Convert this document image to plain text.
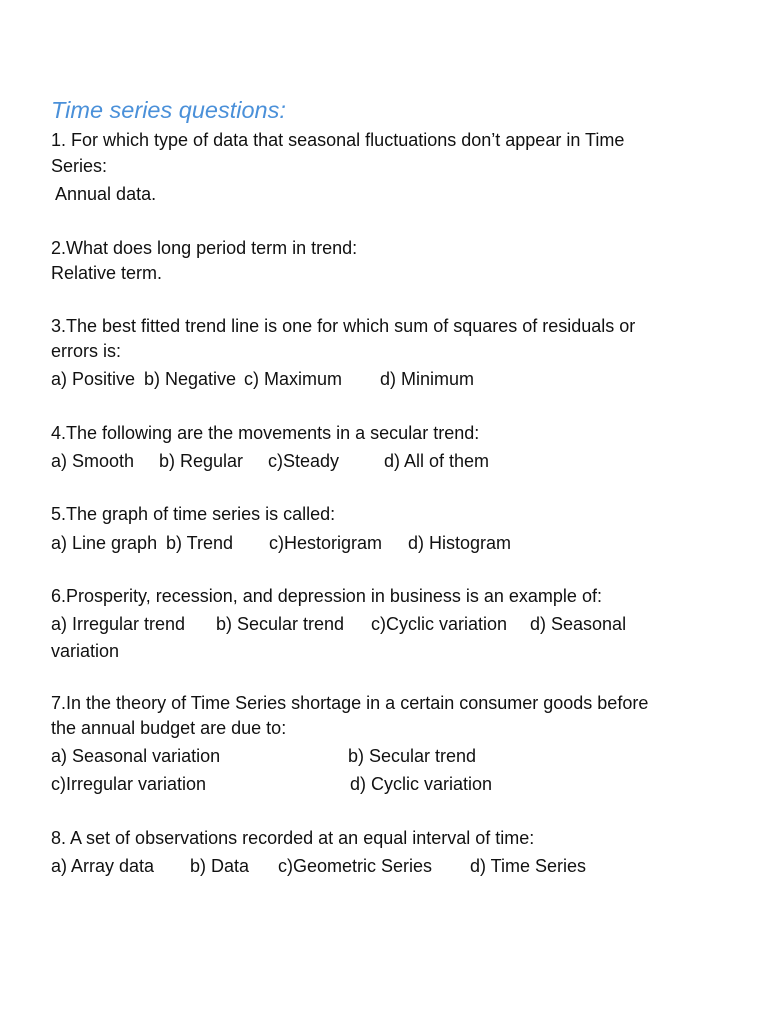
Time series questions:
1. For which type of data that seasonal fluctuations don’t appear in Time
Series:
Annual data.
2.What does long period term in trend:
Relative term.
3.The best fitted trend line is one for which sum of squares of residuals or
errors is:
a) Positive b) Negative c) Maximum d) Minimum
4.The following are the movements in a secular trend:
a) Smooth b) Regular c)Steady d) All of them
5.The graph of time series is called:
a) Line graph b) Trend c)Hestorigram d) Histogram
6.Prosperity, recession, and depression in business is an example of:
a) Irregular trend b) Secular trend c)Cyclic variation d) Seasonal
variation
7.In the theory of Time Series shortage in a certain consumer goods before
the annual budget are due to:
a) Seasonal variation	b) Secular trend
c)Irregular variation	d) Cyclic variation
8. A set of observations recorded at an equal interval of time:
a) Array data b) Data c)Geometric Series d) Time Series
